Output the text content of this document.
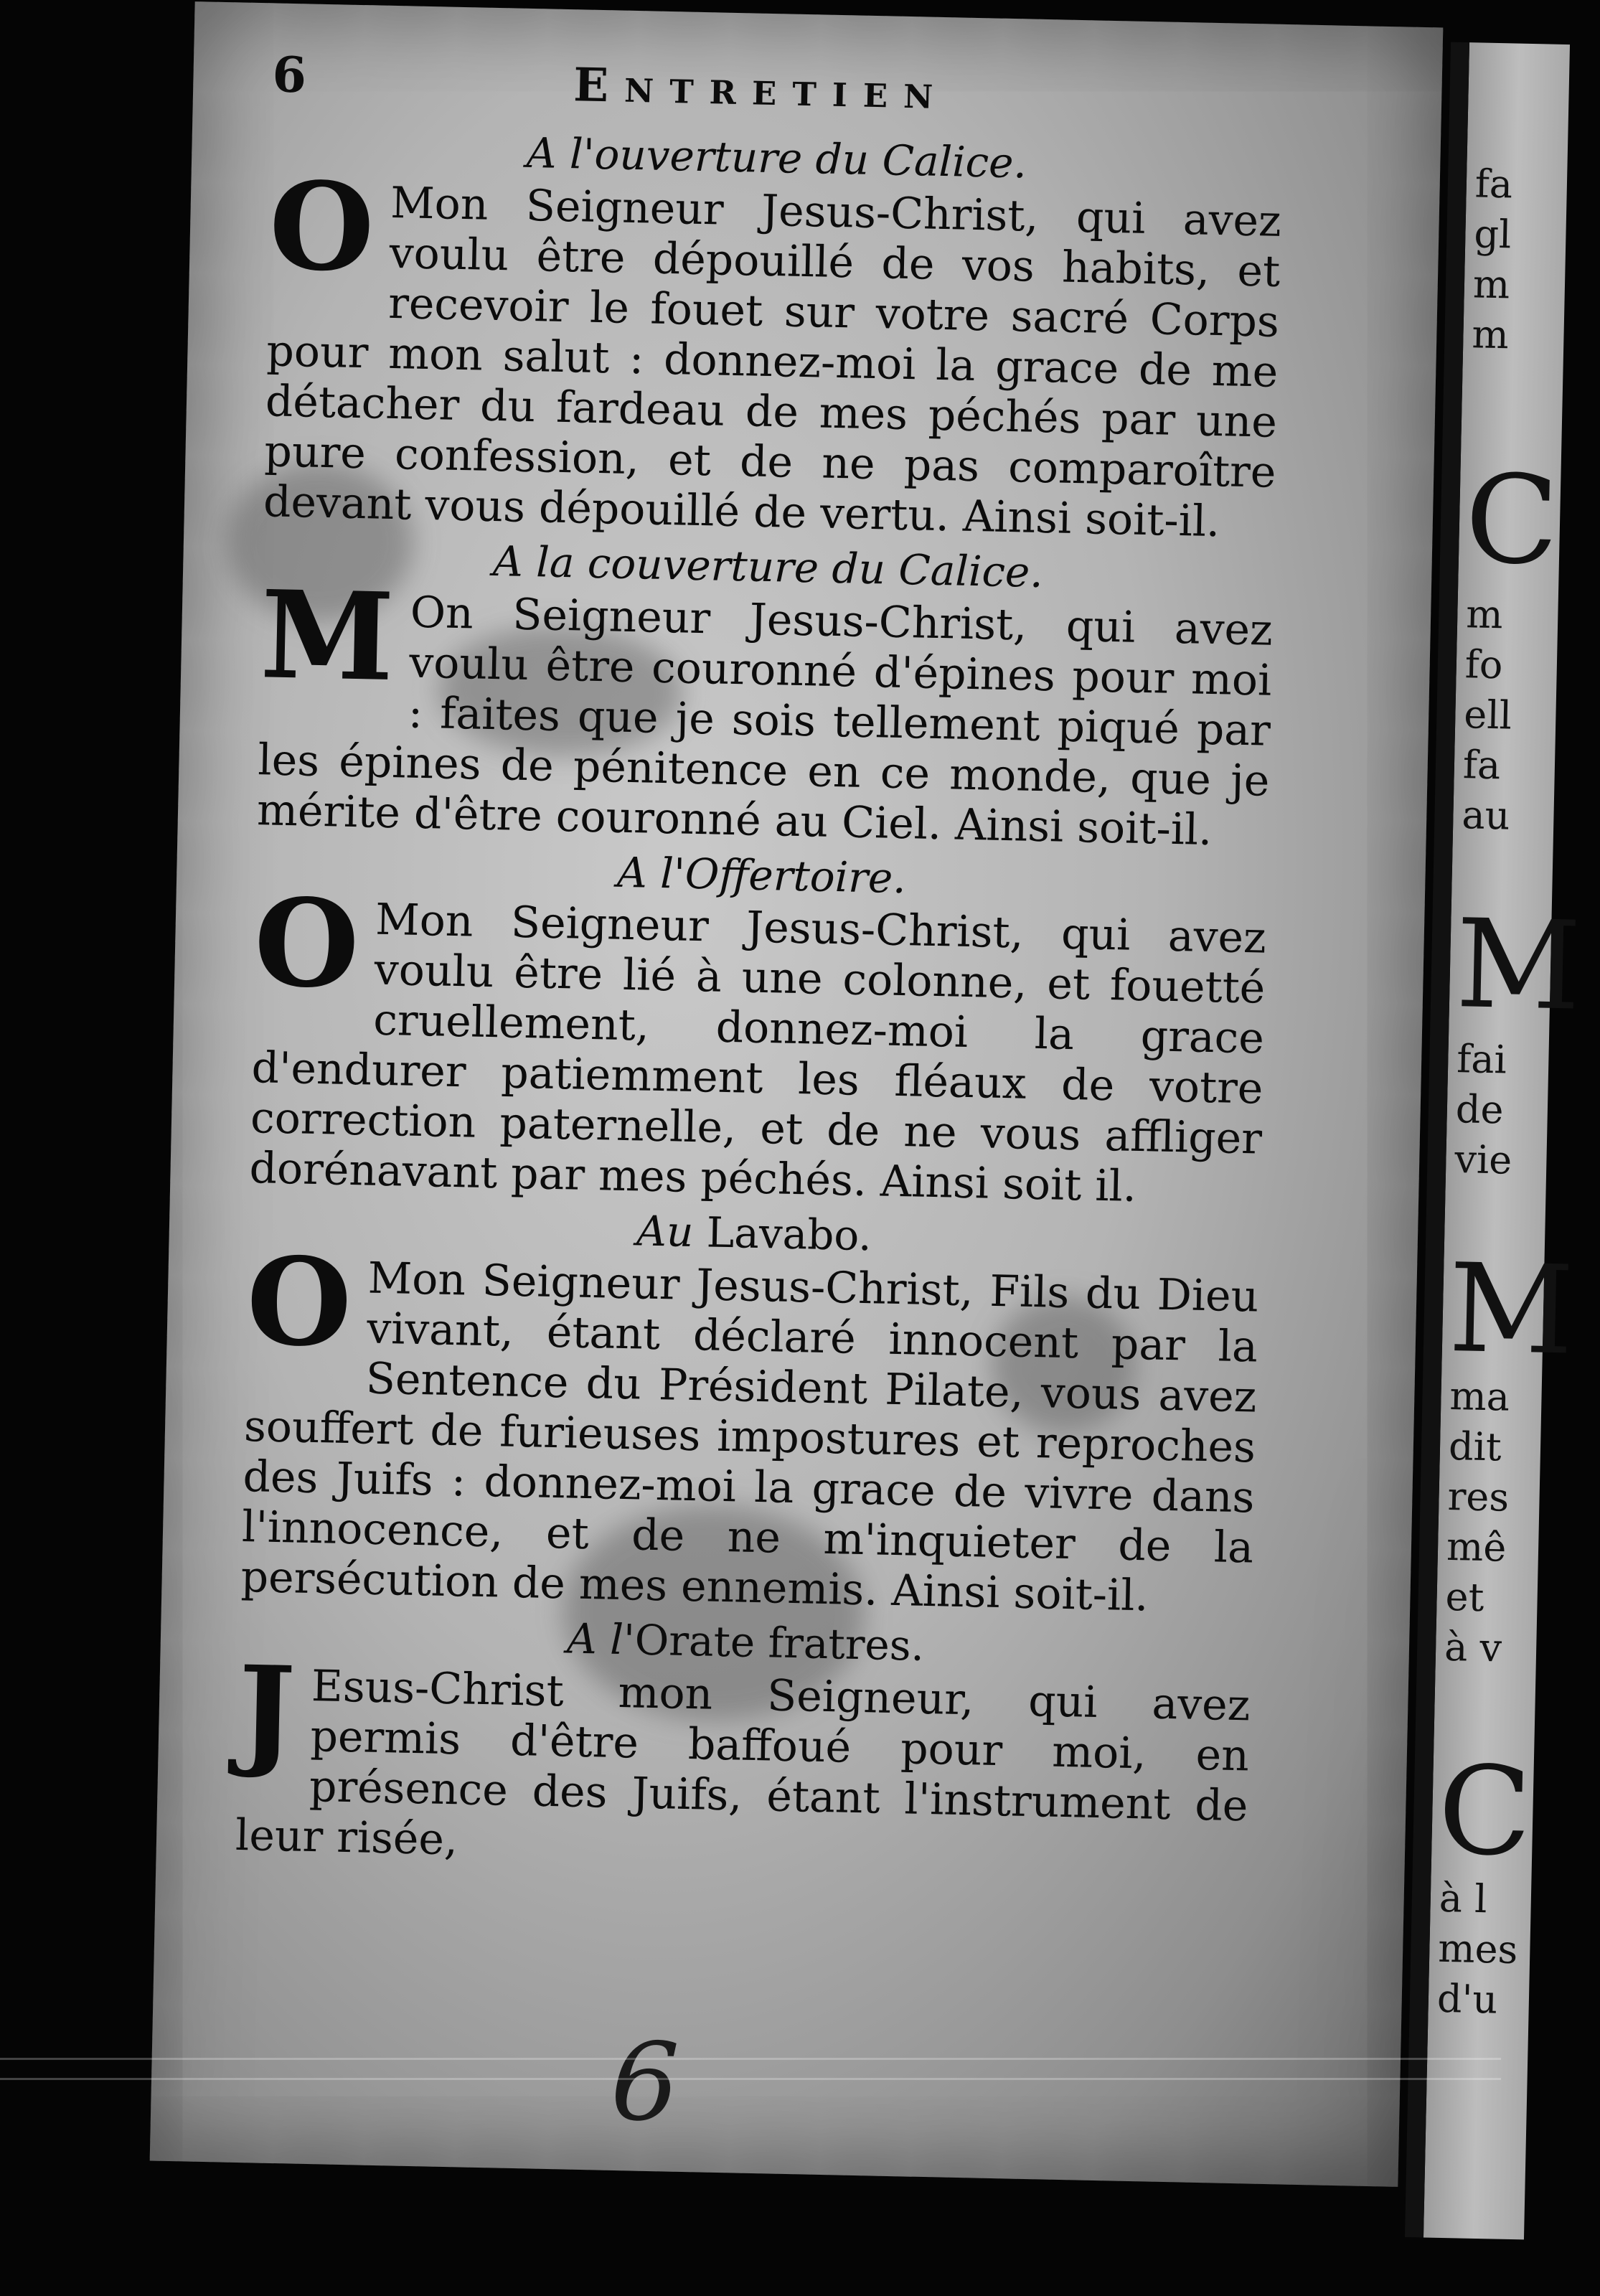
6	Entretien
A l'ouverture du Calice.
O Mon Seigneur Jesus-Christ, qui avez voulu être dépouillé de vos habits, et recevoir le fouet sur votre sacré Corps pour mon salut : donnez-moi la grace de me détacher du fardeau de mes péchés par une pure confession, et de ne pas comparoître devant vous dépouillé de vertu. Ainsi soit-il.
A la couverture du Calice.
M On Seigneur Jesus-Christ, qui avez voulu être couronné d'épines pour moi : faites que je sois tellement piqué par les épines de pénitence en ce monde, que je mérite d'être couronné au Ciel. Ainsi soit-il.
A l'Offertoire.
O Mon Seigneur Jesus-Christ, qui avez voulu être lié à une colonne, et fouetté cruellement, donnez-moi la grace d'endurer patiemment les fléaux de votre correction paternelle, et de ne vous affliger dorénavant par mes péchés. Ainsi soit il.
Au Lavabo.
O Mon Seigneur Jesus-Christ, Fils du Dieu vivant, étant déclaré innocent par la Sentence du Président Pilate, vous avez souffert de furieuses impostures et reproches des Juifs : donnez-moi la grace de vivre dans l'innocence, et de ne m'inquieter de la persécution de mes ennemis. Ainsi soit-il.
A l'Orate fratres.
J Esus-Christ mon Seigneur, qui avez permis d'être baffoué pour moi, en présence des Juifs, étant l'instrument de leur risée,
6
fa
gl
m
m
C
m
fo
ell
fa
au
M
fai
de
vie
M
ma
dit
res
mê
et
à v
C
à l
mes
d'u
